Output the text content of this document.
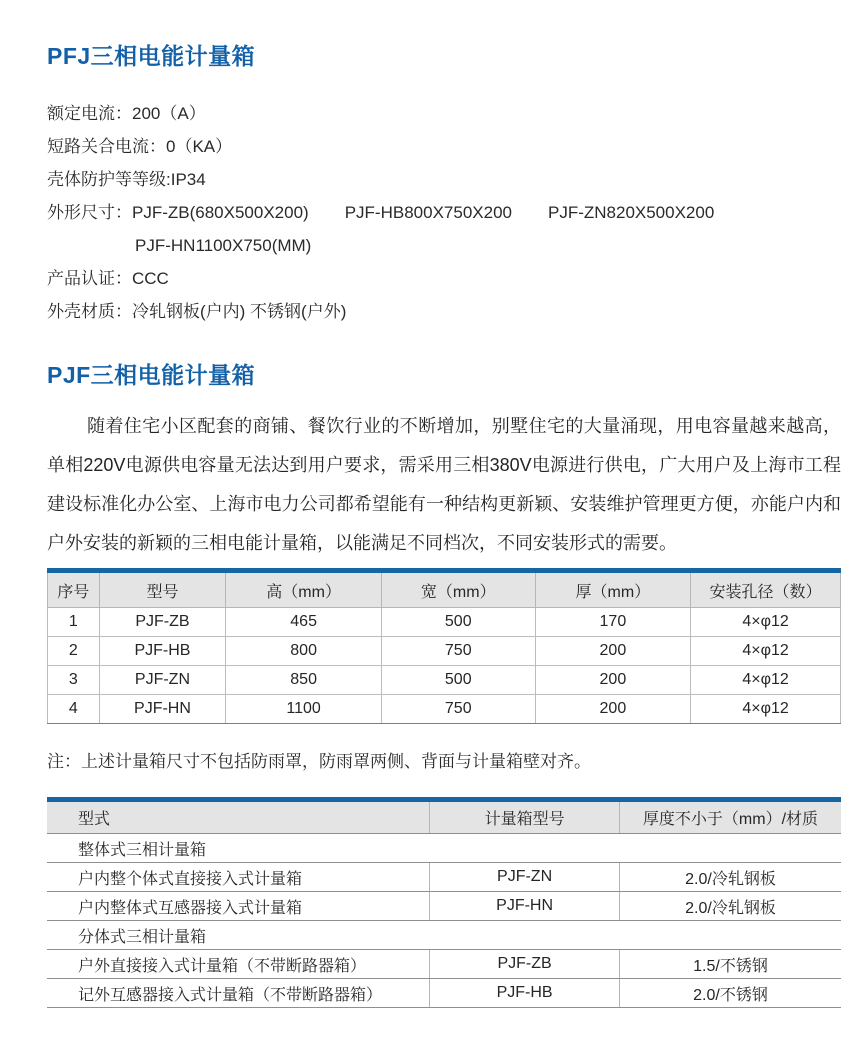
PFJ三相电能计量箱
额定电流：200（A）
短路关合电流：0（KA）
壳体防护等等级:IP34
外形尺寸：PJF-ZB(680X500X200) PJF-HB800X750X200 PJF-ZN820X500X200
PJF-HN1100X750(MM)
产品认证：CCC
外壳材质：冷轧钢板(户内) 不锈钢(户外)
PJF三相电能计量箱

随着住宅小区配套的商铺、餐饮行业的不断增加，别墅住宅的大量涌现，用电容量越来越高，单相220V电源供电容量无法达到用户要求，需采用三相380V电源进行供电，广大用户及上海市工程建设标准化办公室、上海市电力公司都希望能有一种结构更新颖、安装维护管理更方便，亦能户内和户外安装的新颖的三相电能计量箱，以能满足不同档次，不同安装形式的需要。

序号	型号	高（mm）	宽（mm）	厚（mm）	安装孔径（数）
1	PJF-ZB	465	500	170	4×φ12
2	PJF-HB	800	750	200	4×φ12
3	PJF-ZN	850	500	200	4×φ12
4	PJF-HN	1100	750	200	4×φ12
注：上述计量箱尺寸不包括防雨罩，防雨罩两侧、背面与计量箱壁对齐。
型式	计量箱型号	厚度不小于（mm）/材质
整体式三相计量箱		
户内整个体式直接接入式计量箱	PJF-ZN	2.0/冷轧钢板
户内整体式互感器接入式计量箱	PJF-HN	2.0/冷轧钢板
分体式三相计量箱		
户外直接接入式计量箱（不带断路器箱）	PJF-ZB	1.5/不锈钢
记外互感器接入式计量箱（不带断路器箱）	PJF-HB	2.0/不锈钢
